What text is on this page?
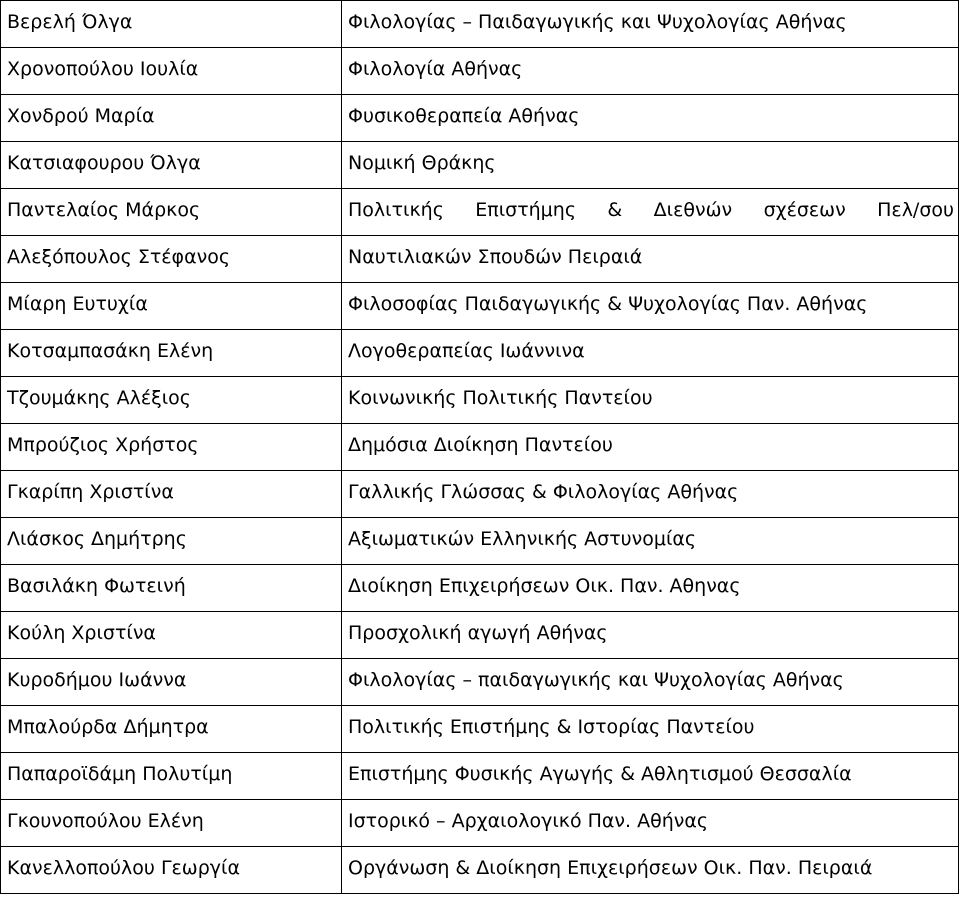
Βερελή Όλγα	Φιλολογίας – Παιδαγωγικής και Ψυχολογίας Αθήνας
Χρονοπούλου Ιουλία	Φιλολογία Αθήνας
Χονδρού Μαρία	Φυσικοθεραπεία Αθήνας
Κατσιαφουρου Όλγα	Νομική Θράκης
Παντελαίος Μάρκος	Πολιτικής Επιστήμης & Διεθνών σχέσεων Πελ/σου

Αλεξόπουλος Στέφανος	Ναυτιλιακών Σπουδών Πειραιά
Μίαρη Ευτυχία	Φιλοσοφίας Παιδαγωγικής & Ψυχολογίας Παν. Αθήνας
Κοτσαμπασάκη Ελένη	Λογοθεραπείας Ιωάννινα
Τζουμάκης Αλέξιος	Κοινωνικής Πολιτικής Παντείου
Μπρούζιος Χρήστος	Δημόσια Διοίκηση Παντείου
Γκαρίπη Χριστίνα	Γαλλικής Γλώσσας & Φιλολογίας Αθήνας
Λιάσκος Δημήτρης	Αξιωματικών Ελληνικής Αστυνομίας
Βασιλάκη Φωτεινή	Διοίκηση Επιχειρήσεων Οικ. Παν. Αθηνας
Κούλη Χριστίνα	Προσχολική αγωγή Αθήνας
Κυροδήμου Ιωάννα	Φιλολογίας – παιδαγωγικής και Ψυχολογίας Αθήνας
Μπαλούρδα Δήμητρα	Πολιτικής Επιστήμης & Ιστορίας Παντείου
Παπαροϊδάμη Πολυτίμη	Επιστήμης Φυσικής Αγωγής & Αθλητισμού Θεσσαλία
Γκουνοπούλου Ελένη	Ιστορικό – Αρχαιολογικό Παν. Αθήνας
Κανελλοπούλου Γεωργία	Οργάνωση & Διοίκηση Επιχειρήσεων Οικ. Παν. Πειραιά
